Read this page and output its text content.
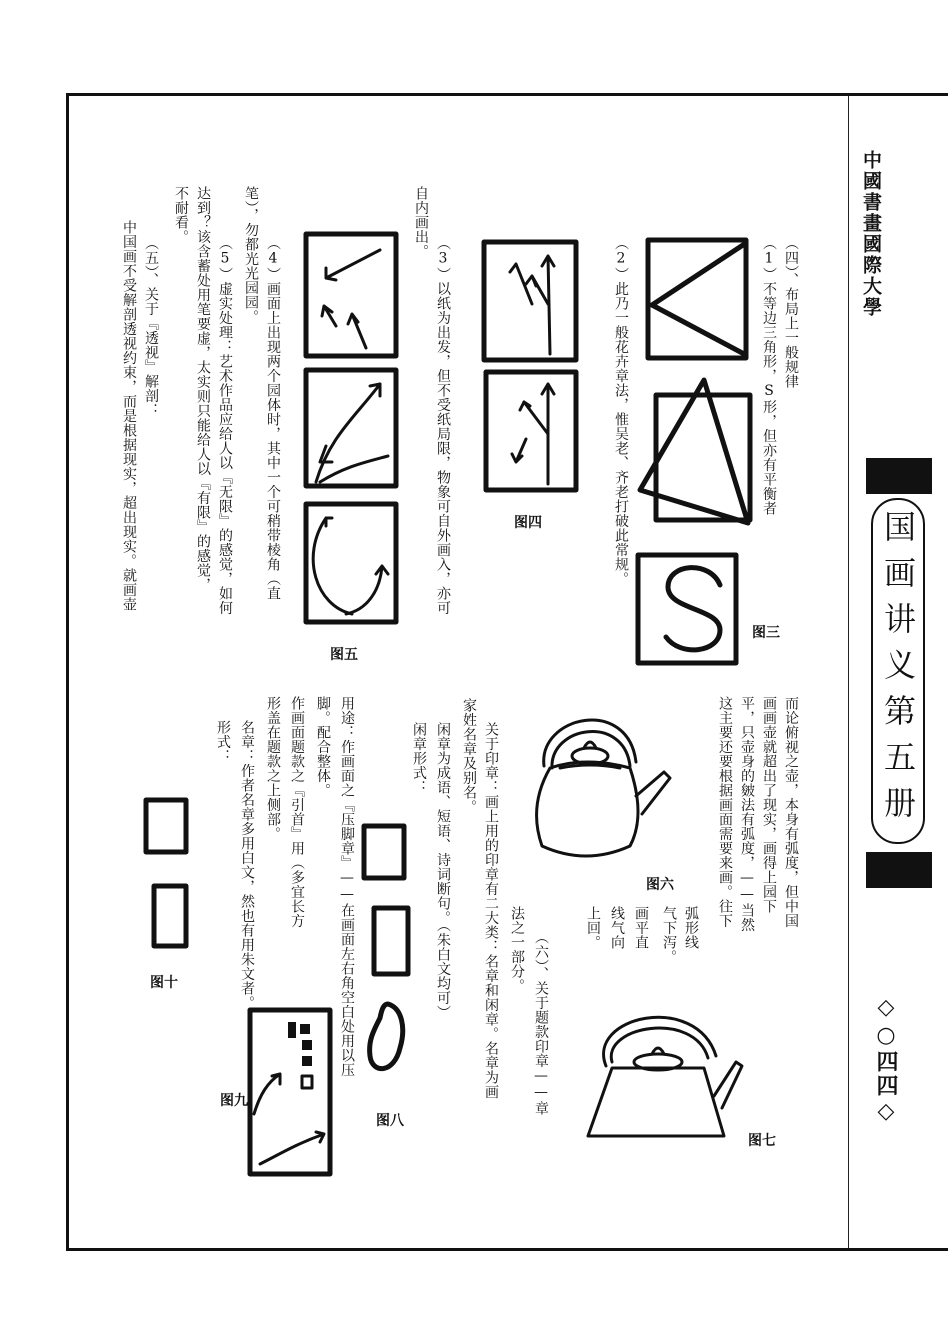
中國書畫國際大學
国画讲义第五册
◇○四四◇
（四）、布局上一般规律
（1）不等边三角形，S形，但亦有平衡者
（2）此乃一般花卉章法，惟吴老、齐老打破此常规。
（3）以纸为出发，但不受纸局限，物象可自外画入，亦可
自内画出。
（4）画面上出现两个园体时，其中一个可稍带棱角（直
笔），勿都光光园园。
（5）虚实处理：艺术作品应给人以『无限』的感觉，如何
达到？该含蓄处用笔要虚，太实则只能给人以『有限』的感觉，
不耐看。
（五）、关于『透视』解剖：
中国画不受解剖透视约束，而是根据现实，超出现实。就画壶
而论俯视之壶，本身有弧度，但中国
画画壶就超出了现实，画得上园下
平，只壶身的皴法有弧度，——当然
这主要还要根据画面需要来画。往下
弧形线
气下泻。
画平直
线气向
上回。
（六）、关于题款印章——章
法之一部分。
关于印章：画上用的印章有二大类：名章和闲章。名章为画
家姓名章及别名。
闲章为成语、短语、诗词断句。（朱白文均可）
闲章形式：
用途：作画面之『压脚章』——在画面左右角空白处用以压
脚。配合整体。
作画面题款之『引首』用（多宜长方
形盖在题款之上侧部。
名章：作者名章多用白文，然也有用朱文者。
形式：
图三
图四
图五
图六
图七
图八
图九
图十
